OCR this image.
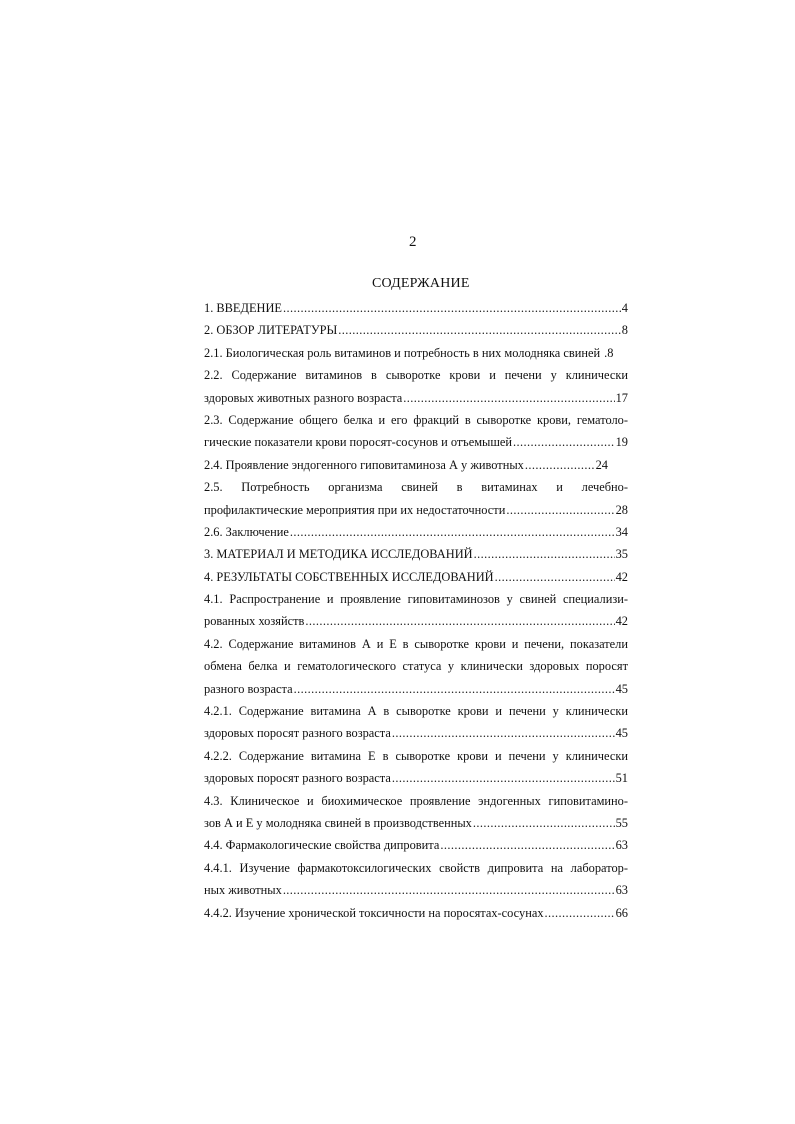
2
СОДЕРЖАНИЕ
1. ВВЕДЕНИЕ .....	4
2. ОБЗОР ЛИТЕРАТУРЫ .....	8
2.1. Биологическая роль витаминов и потребность в них молодняка свиней .8
2.2. Содержание витаминов в сыворотке крови и печени у клинически
здоровых животных разного возраста .....	17
2.3. Содержание общего белка и его фракций в сыворотке крови, гематоло-
гические показатели крови поросят-сосунов и отъемышей .....	19
2.4. Проявление эндогенного гиповитаминоза А у животных .....	24
2.5. Потребность организма свиней в витаминах и лечебно-
профилактические мероприятия при их недостаточности .....	28
2.6. Заключение .....	34
3. МАТЕРИАЛ И МЕТОДИКА ИССЛЕДОВАНИЙ .....	35
4. РЕЗУЛЬТАТЫ СОБСТВЕННЫХ ИССЛЕДОВАНИЙ .....	42
4.1. Распространение и проявление гиповитаминозов у свиней специализи-
рованных хозяйств .....	42
4.2. Содержание витаминов А и Е в сыворотке крови и печени, показатели
обмена белка и гематологического статуса у клинически здоровых поросят
разного возраста .....	45
4.2.1. Содержание витамина А в сыворотке крови и печени у клинически
здоровых поросят разного возраста .....	45
4.2.2. Содержание витамина Е в сыворотке крови и печени у клинически
здоровых поросят разного возраста .....	51
4.3. Клиническое и биохимическое проявление эндогенных гиповитамино-
зов А и Е у молодняка свиней в производственных .....	55
4.4. Фармакологические свойства дипровита .....	63
4.4.1. Изучение фармакотоксилогических свойств дипровита на лаборатор-
ных животных .....	63
4.4.2. Изучение хронической токсичности на поросятах-сосунах .....	66
